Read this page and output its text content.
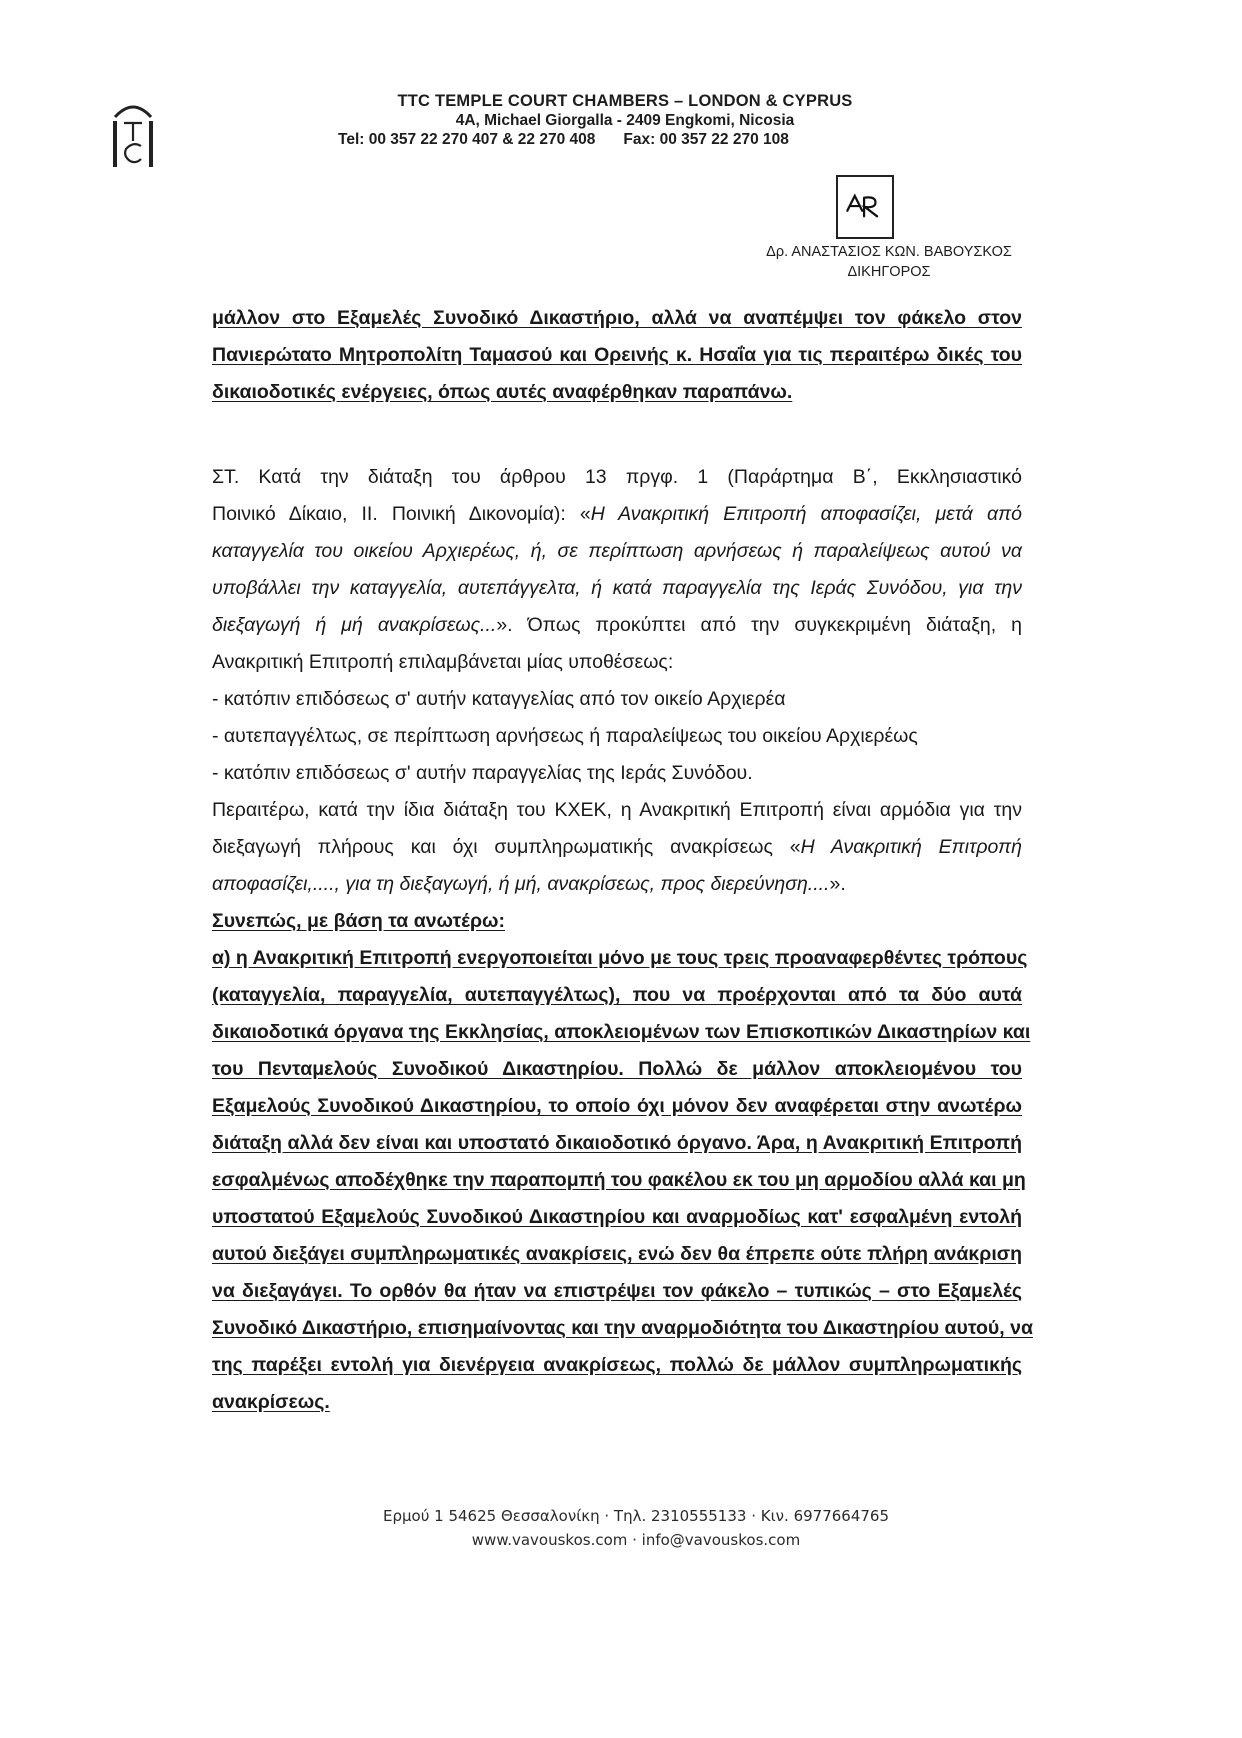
TTC TEMPLE COURT CHAMBERS – LONDON & CYPRUS
4A, Michael Giorgalla - 2409 Engkomi, Nicosia
Tel: 00 357 22 270 407 & 22 270 408 Fax: 00 357 22 270 108
Δρ. ΑΝΑΣΤΑΣΙΟΣ ΚΩΝ. ΒΑΒΟΥΣΚΟΣ
ΔΙΚΗΓΟΡΟΣ
μάλλον στο Εξαμελές Συνοδικό Δικαστήριο, αλλά να αναπέμψει τον φάκελο στον
Πανιερώτατο Μητροπολίτη Ταμασού και Ορεινής κ. Ησαΐα για τις περαιτέρω δικές του
δικαιοδοτικές ενέργειες, όπως αυτές αναφέρθηκαν παραπάνω.
ΣΤ. Κατά την διάταξη του άρθρου 13 πργφ. 1 (Παράρτημα Β΄, Εκκλησιαστικό
Ποινικό Δίκαιο, ΙΙ. Ποινική Δικονομία): «Η Ανακριτική Επιτροπή αποφασίζει, μετά από
καταγγελία του οικείου Αρχιερέως, ή, σε περίπτωση αρνήσεως ή παραλείψεως αυτού να
υποβάλλει την καταγγελία, αυτεπάγγελτα, ή κατά παραγγελία της Ιεράς Συνόδου, για την
διεξαγωγή ή μή ανακρίσεως...». Όπως προκύπτει από την συγκεκριμένη διάταξη, η
Ανακριτική Επιτροπή επιλαμβάνεται μίας υποθέσεως:
- κατόπιν επιδόσεως σ' αυτήν καταγγελίας από τον οικείο Αρχιερέα
- αυτεπαγγέλτως, σε περίπτωση αρνήσεως ή παραλείψεως του οικείου Αρχιερέως
- κατόπιν επιδόσεως σ' αυτήν παραγγελίας της Ιεράς Συνόδου.
Περαιτέρω, κατά την ίδια διάταξη του ΚΧΕΚ, η Ανακριτική Επιτροπή είναι αρμόδια για την
διεξαγωγή πλήρους και όχι συμπληρωματικής ανακρίσεως «Η Ανακριτική Επιτροπή
αποφασίζει,...., για τη διεξαγωγή, ή μή, ανακρίσεως, προς διερεύνηση....».
Συνεπώς, με βάση τα ανωτέρω:
α) η Ανακριτική Επιτροπή ενεργοποιείται μόνο με τους τρεις προαναφερθέντες τρόπους
(καταγγελία, παραγγελία, αυτεπαγγέλτως), που να προέρχονται από τα δύο αυτά
δικαιοδοτικά όργανα της Εκκλησίας, αποκλειομένων των Επισκοπικών Δικαστηρίων και
του Πενταμελούς Συνοδικού Δικαστηρίου. Πολλώ δε μάλλον αποκλειομένου του
Εξαμελούς Συνοδικού Δικαστηρίου, το οποίο όχι μόνον δεν αναφέρεται στην ανωτέρω
διάταξη αλλά δεν είναι και υποστατό δικαιοδοτικό όργανο. Άρα, η Ανακριτική Επιτροπή
εσφαλμένως αποδέχθηκε την παραπομπή του φακέλου εκ του μη αρμοδίου αλλά και μη
υποστατού Εξαμελούς Συνοδικού Δικαστηρίου και αναρμοδίως κατ' εσφαλμένη εντολή
αυτού διεξάγει συμπληρωματικές ανακρίσεις, ενώ δεν θα έπρεπε ούτε πλήρη ανάκριση
να διεξαγάγει. Το ορθόν θα ήταν να επιστρέψει τον φάκελο – τυπικώς – στο Εξαμελές
Συνοδικό Δικαστήριο, επισημαίνοντας και την αναρμοδιότητα του Δικαστηρίου αυτού, να
της παρέξει εντολή για διενέργεια ανακρίσεως, πολλώ δε μάλλον συμπληρωματικής
ανακρίσεως.
Ερμού 1 54625 Θεσσαλονίκη · Τηλ. 2310555133 · Κιν. 6977664765
www.vavouskos.com · info@vavouskos.com
